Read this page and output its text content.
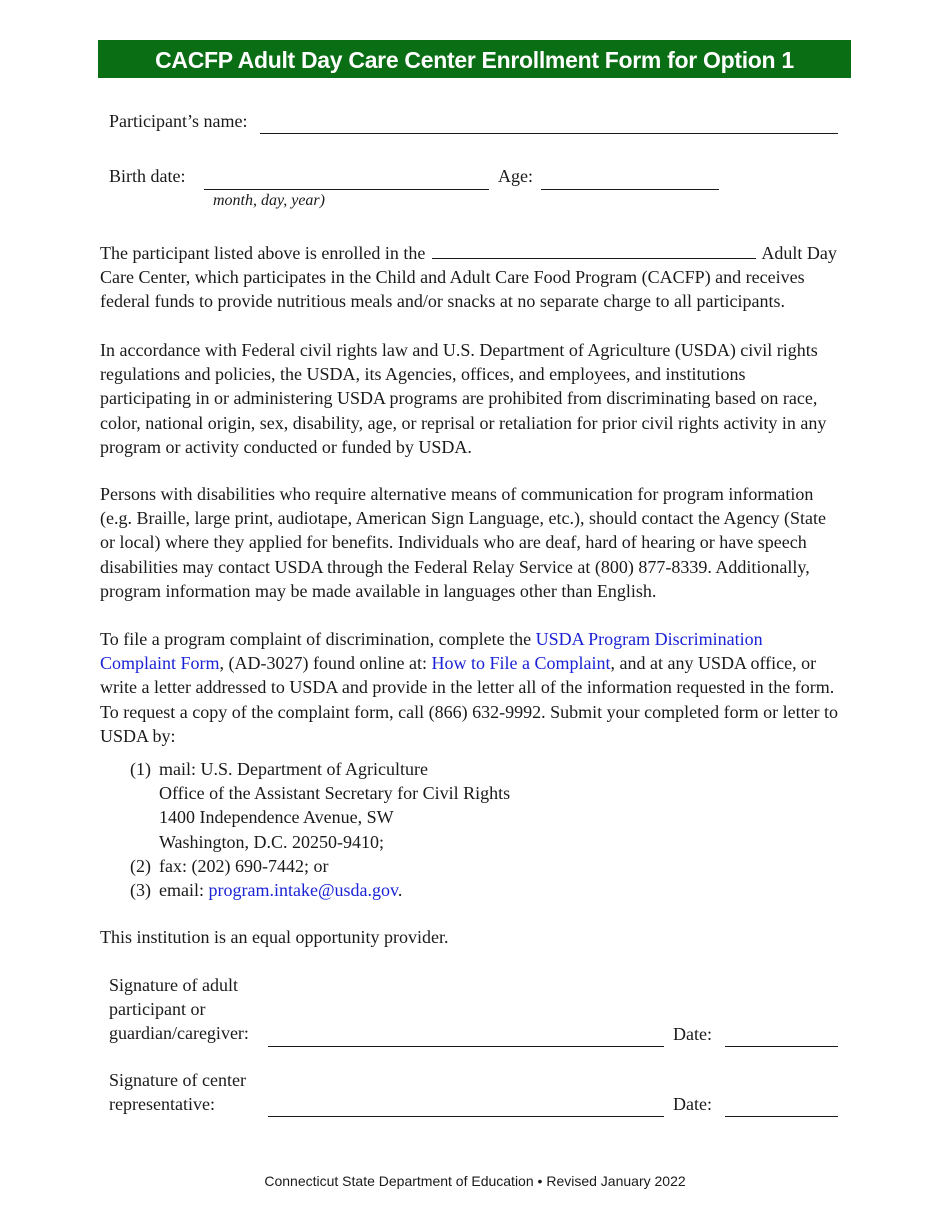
CACFP Adult Day Care Center Enrollment Form for Option 1
Participant’s name:
Birth date:
month, day, year)
Age:

The participant listed above is enrolled in the	Adult Day Care Center, which participates in the Child and Adult Care Food Program (CACFP) and receives federal funds to provide nutritious meals and/or snacks at no separate charge to all participants.

In accordance with Federal civil rights law and U.S. Department of Agriculture (USDA) civil rights regulations and policies, the USDA, its Agencies, offices, and employees, and institutions participating in or administering USDA programs are prohibited from discriminating based on race, color, national origin, sex, disability, age, or reprisal or retaliation for prior civil rights activity in any program or activity conducted or funded by USDA.

Persons with disabilities who require alternative means of communication for program information (e.g. Braille, large print, audiotape, American Sign Language, etc.), should contact the Agency (State or local) where they applied for benefits. Individuals who are deaf, hard of hearing or have speech disabilities may contact USDA through the Federal Relay Service at (800) 877-8339. Additionally, program information may be made available in languages other than English.

To file a program complaint of discrimination, complete the USDA Program Discrimination Complaint Form, (AD-3027) found online at: How to File a Complaint, and at any USDA office, or write a letter addressed to USDA and provide in the letter all of the information requested in the form. To request a copy of the complaint form, call (866) 632-9992. Submit your completed form or letter to USDA by:

(1) mail: U.S. Department of Agriculture
Office of the Assistant Secretary for Civil Rights
1400 Independence Avenue, SW
Washington, D.C. 20250-9410;
(2) fax: (202) 690-7442; or
(3) email: program.intake@usda.gov.

This institution is an equal opportunity provider.

Signature of adult
participant or
guardian/caregiver:	Date:
Signature of center
representative:	Date:
Connecticut State Department of Education • Revised January 2022
